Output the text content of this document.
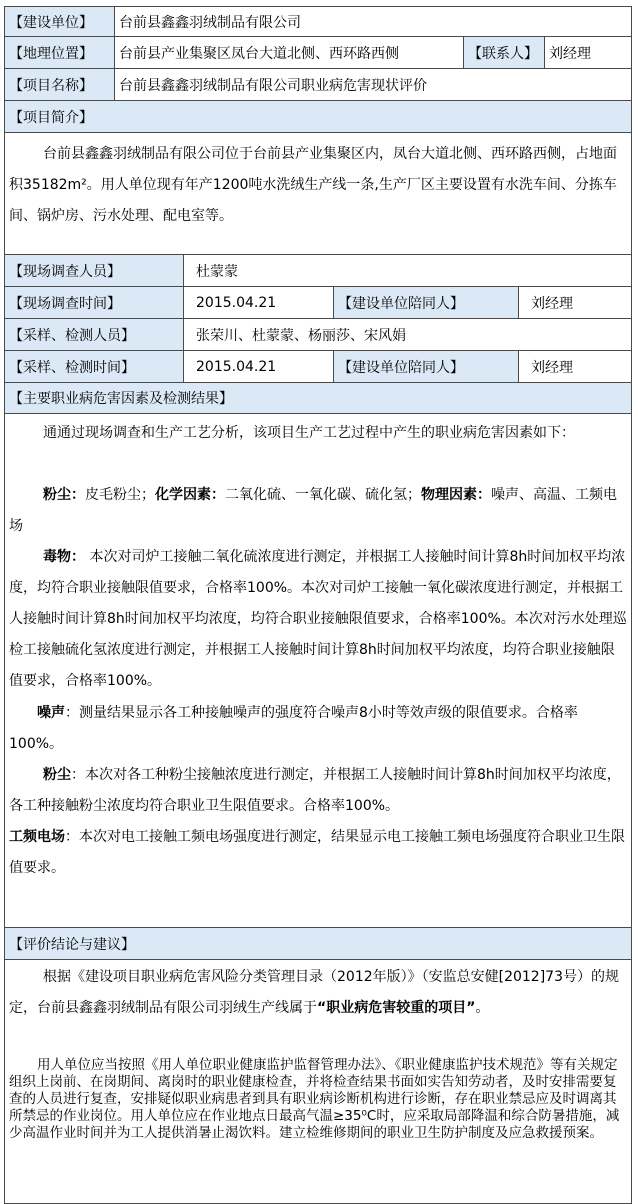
【建设单位】	台前县鑫鑫羽绒制品有限公司
【地理位置】	台前县产业集聚区凤台大道北侧、西环路西侧	【联系人】 刘经理
【项目名称】	台前县鑫鑫羽绒制品有限公司职业病危害现状评价
【项目简介】
台前县鑫鑫羽绒制品有限公司位于台前县产业集聚区内，凤台大道北侧、西环路西侧，占地面积35182m²。用人单位现有年产1200吨水洗绒生产线一条,生产厂区主要设置有水洗车间、分拣车间、锅炉房、污水处理、配电室等。
【现场调查人员】	杜蒙蒙
【现场调查时间】	2015.04.21	【建设单位陪同人】	刘经理
【采样、检测人员】	张荣川、杜蒙蒙、杨丽莎、宋风娟
【采样、检测时间】	2015.04.21	【建设单位陪同人】	刘经理
【主要职业病危害因素及检测结果】
通通过现场调查和生产工艺分析，该项目生产工艺过程中产生的职业病危害因素如下：
粉尘：皮毛粉尘；化学因素：二氧化硫、一氧化碳、硫化氢；物理因素：噪声、高温、工频电场
毒物： 本次对司炉工接触二氧化硫浓度进行测定，并根据工人接触时间计算8h时间加权平均浓度，均符合职业接触限值要求，合格率100%。本次对司炉工接触一氧化碳浓度进行测定，并根据工人接触时间计算8h时间加权平均浓度，均符合职业接触限值要求，合格率100%。本次对污水处理巡检工接触硫化氢浓度进行测定，并根据工人接触时间计算8h时间加权平均浓度，均符合职业接触限值要求，合格率100%。
噪声：测量结果显示各工种接触噪声的强度符合噪声8小时等效声级的限值要求。合格率100%。
粉尘：本次对各工种粉尘接触浓度进行测定，并根据工人接触时间计算8h时间加权平均浓度，各工种接触粉尘浓度均符合职业卫生限值要求。合格率100%。
工频电场：本次对电工接触工频电场强度进行测定，结果显示电工接触工频电场强度符合职业卫生限值要求。
【评价结论与建议】
根据《建设项目职业病危害风险分类管理目录（2012年版）》（安监总安健[2012]73号）的规定，台前县鑫鑫羽绒制品有限公司羽绒生产线属于“职业病危害较重的项目”。
用人单位应当按照《用人单位职业健康监护监督管理办法》、《职业健康监护技术规范》等有关规定组织上岗前、在岗期间、离岗时的职业健康检查，并将检查结果书面如实告知劳动者，及时安排需要复查的人员进行复查，安排疑似职业病患者到具有职业病诊断机构进行诊断，存在职业禁忌应及时调离其所禁忌的作业岗位。用人单位应在作业地点日最高气温≥35⁰C时，应采取局部降温和综合防暑措施，减少高温作业时间并为工人提供消暑止渴饮料。建立检维修期间的职业卫生防护制度及应急救援预案。
